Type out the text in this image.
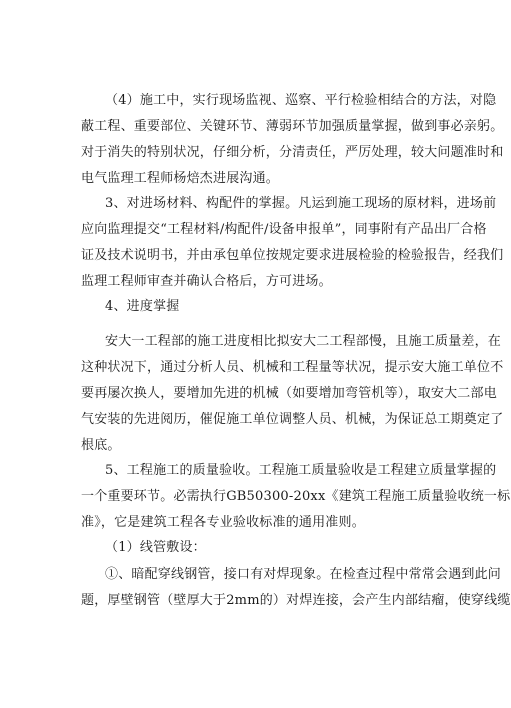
（4）施工中，实行现场监视、巡察、平行检验相结合的方法，对隐
蔽工程、重要部位、关键环节、薄弱环节加强质量掌握，做到事必亲躬。
对于消失的特别状况，仔细分析，分清责任，严厉处理，较大问题准时和
电气监理工程师杨焙杰进展沟通。

3、对进场材料、构配件的掌握。凡运到施工现场的原材料，进场前
应向监理提交“工程材料/构配件/设备申报单”，同事附有产品出厂合格
证及技术说明书，并由承包单位按规定要求进展检验的检验报告，经我们
监理工程师审查并确认合格后，方可进场。

4、进度掌握

安大一工程部的施工进度相比拟安大二工程部慢，且施工质量差，在
这种状况下，通过分析人员、机械和工程量等状况，提示安大施工单位不
要再屡次换人，要增加先进的机械（如要增加弯管机等），取安大二部电
气安装的先进阅历，催促施工单位调整人员、机械，为保证总工期奠定了
根底。

5、工程施工的质量验收。工程施工质量验收是工程建立质量掌握的
一个重要环节。必需执行GB50300-20xx《建筑工程施工质量验收统一标
准》，它是建筑工程各专业验收标准的通用准则。

（1）线管敷设：

①、暗配穿线钢管，接口有对焊现象。在检查过程中常常会遇到此问
题，厚壁钢管（壁厚大于2mm的）对焊连接，会产生内部结瘤，使穿线缆
